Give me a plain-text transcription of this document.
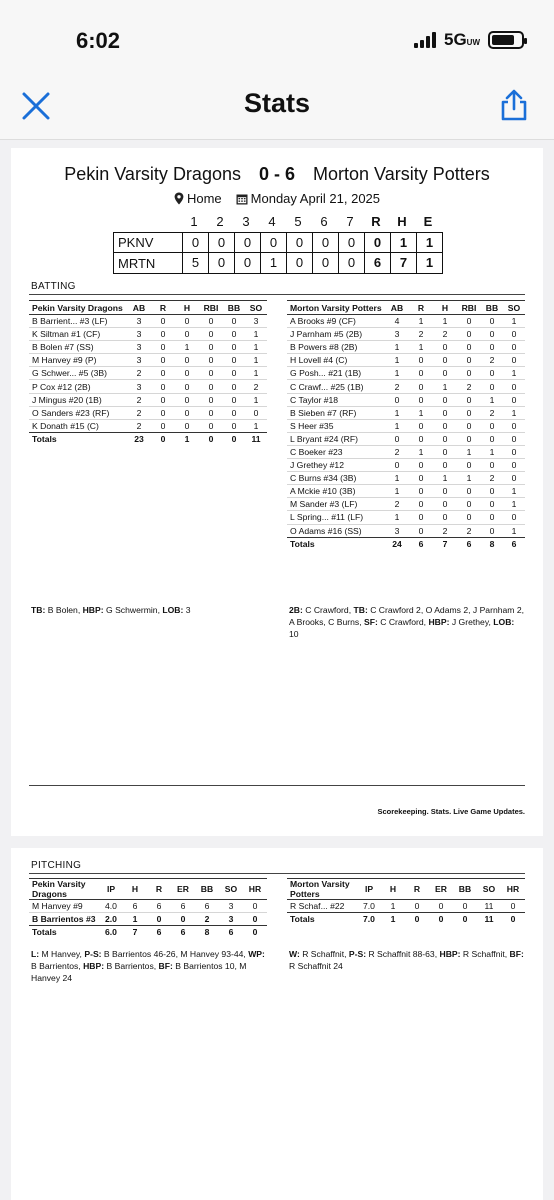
6:02	5GUW
Stats
Pekin Varsity Dragons 0 - 6 Morton Varsity Potters
Home Monday April 21, 2025
1	2	3	4	5	6	7	R	H	E
PKNV	0	0	0	0	0	0	0	0	1	1
MRTN	5	0	0	1	0	0	0	6	7	1
BATTING
Pekin Varsity Dragons	AB	R	H	RBI	BB	SO
B Barrient... #3 (LF)	3	0	0	0	0	3
K Siltman #1 (CF)	3	0	0	0	0	1
B Bolen #7 (SS)	3	0	1	0	0	1
M Hanvey #9 (P)	3	0	0	0	0	1
G Schwer... #5 (3B)	2	0	0	0	0	1
P Cox #12 (2B)	3	0	0	0	0	2
J Mingus #20 (1B)	2	0	0	0	0	1
O Sanders #23 (RF)	2	0	0	0	0	0
K Donath #15 (C)	2	0	0	0	0	1
Totals	23	0	1	0	0	11
Morton Varsity Potters	AB	R	H	RBI	BB	SO
A Brooks #9 (CF)	4	1	1	0	0	1
J Parnham #5 (2B)	3	2	2	0	0	0
B Powers #8 (2B)	1	1	0	0	0	0
H Lovell #4 (C)	1	0	0	0	2	0
G Posh... #21 (1B)	1	0	0	0	0	1
C Crawf... #25 (1B)	2	0	1	2	0	0
C Taylor #18	0	0	0	0	1	0
B Sieben #7 (RF)	1	1	0	0	2	1
S Heer #35	1	0	0	0	0	0
L Bryant #24 (RF)	0	0	0	0	0	0
C Boeker #23	2	1	0	1	1	0
J Grethey #12	0	0	0	0	0	0
C Burns #34 (3B)	1	0	1	1	2	0
A Mckie #10 (3B)	1	0	0	0	0	1
M Sander #3 (LF)	2	0	0	0	0	1
L Spring... #11 (LF)	1	0	0	0	0	0
O Adams #16 (SS)	3	0	2	2	0	1
Totals	24	6	7	6	8	6
TB: B Bolen, HBP: G Schwermin, LOB: 3	2B: C Crawford, TB: C Crawford 2, O Adams 2, J Parnham 2, A Brooks, C Burns, SF: C Crawford, HBP: J Grethey, LOB: 10
Scorekeeping. Stats. Live Game Updates.
PITCHING
Pekin Varsity Dragons	IP	H	R	ER	BB	SO	HR
M Hanvey #9	4.0	6	6	6	6	3	0
B Barrientos #3	2.0	1	0	0	2	3	0
Totals	6.0	7	6	6	8	6	0
Morton Varsity Potters	IP	H	R	ER	BB	SO	HR
R Schaf... #22	7.0	1	0	0	0	11	0
Totals	7.0	1	0	0	0	11	0
L: M Hanvey, P-S: B Barrientos 46-26, M Hanvey 93-44, WP: B Barrientos, HBP: B Barrientos, BF: B Barrientos 10, M Hanvey 24
W: R Schaffnit, P-S: R Schaffnit 88-63, HBP: R Schaffnit, BF: R Schaffnit 24
